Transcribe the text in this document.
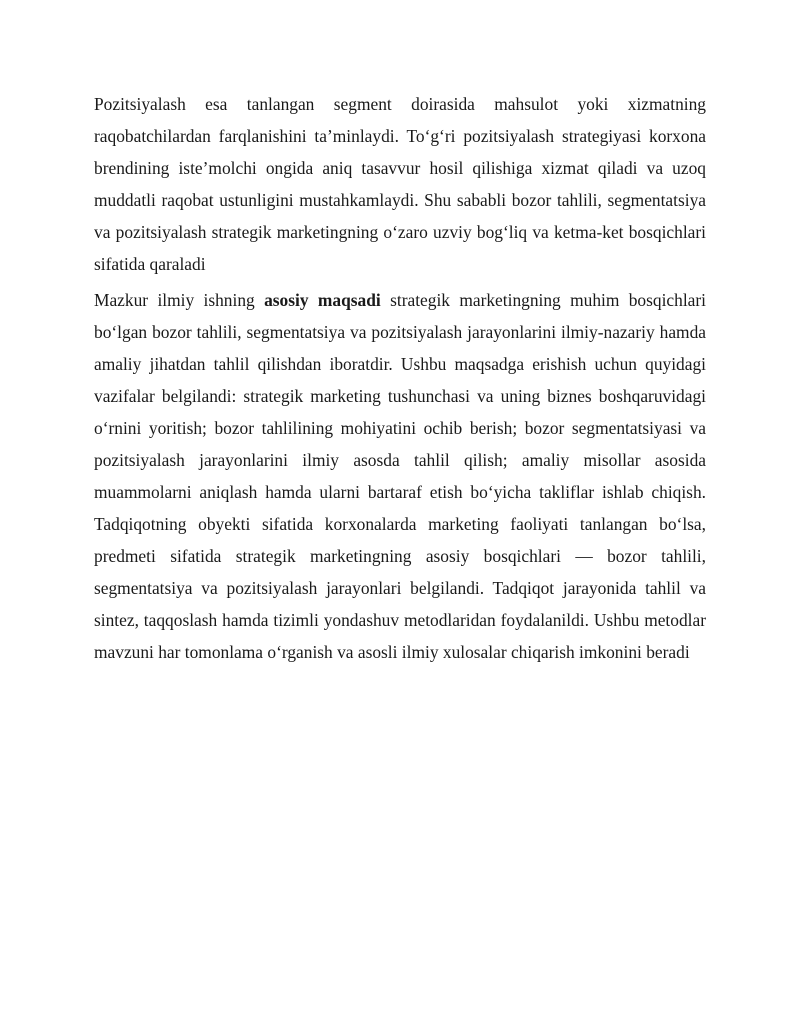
Pozitsiyalash esa tanlangan segment doirasida mahsulot yoki xizmatning raqobatchilardan farqlanishini ta’minlaydi. To‘g‘ri pozitsiyalash strategiyasi korxona brendining iste’molchi ongida aniq tasavvur hosil qilishiga xizmat qiladi va uzoq muddatli raqobat ustunligini mustahkamlaydi. Shu sababli bozor tahlili, segmentatsiya va pozitsiyalash strategik marketingning o‘zaro uzviy bog‘liq va ketma-ket bosqichlari sifatida qaraladi

Mazkur ilmiy ishning asosiy maqsadi strategik marketingning muhim bosqichlari bo‘lgan bozor tahlili, segmentatsiya va pozitsiyalash jarayonlarini ilmiy-nazariy hamda amaliy jihatdan tahlil qilishdan iboratdir. Ushbu maqsadga erishish uchun quyidagi vazifalar belgilandi: strategik marketing tushunchasi va uning biznes boshqaruvidagi o‘rnini yoritish; bozor tahlilining mohiyatini ochib berish; bozor segmentatsiyasi va pozitsiyalash jarayonlarini ilmiy asosda tahlil qilish; amaliy misollar asosida muammolarni aniqlash hamda ularni bartaraf etish bo‘yicha takliflar ishlab chiqish. Tadqiqotning obyekti sifatida korxonalarda marketing faoliyati tanlangan bo‘lsa, predmeti sifatida strategik marketingning asosiy bosqichlari — bozor tahlili, segmentatsiya va pozitsiyalash jarayonlari belgilandi. Tadqiqot jarayonida tahlil va sintez, taqqoslash hamda tizimli yondashuv metodlaridan foydalanildi. Ushbu metodlar mavzuni har tomonlama o‘rganish va asosli ilmiy xulosalar chiqarish imkonini beradi
